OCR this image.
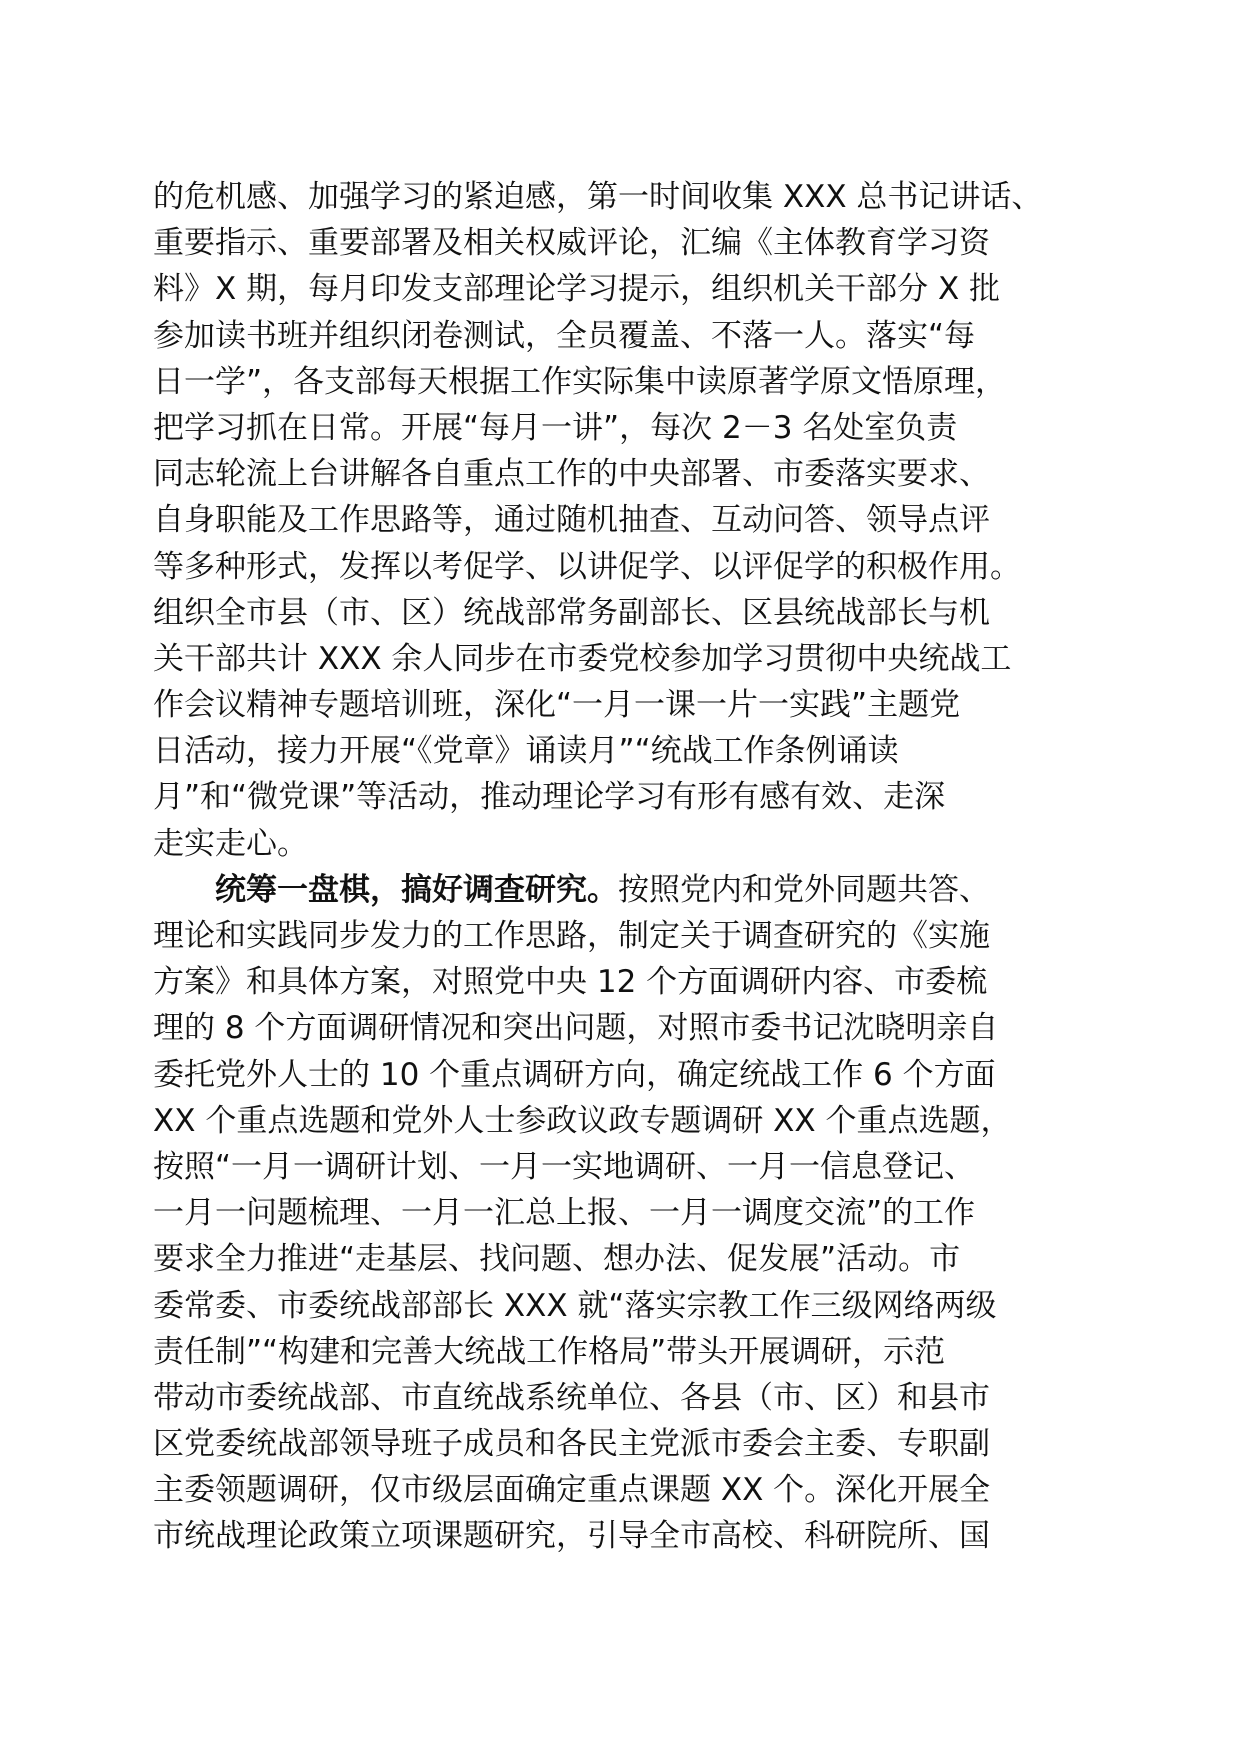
的危机感、加强学习的紧迫感，第一时间收集 XXX 总书记讲话、
重要指示、重要部署及相关权威评论，汇编《主体教育学习资
料》X 期，每月印发支部理论学习提示，组织机关干部分 X 批
参加读书班并组织闭卷测试，全员覆盖、不落一人。落实“每
日一学”，各支部每天根据工作实际集中读原著学原文悟原理，
把学习抓在日常。开展“每月一讲”，每次 2－3 名处室负责
同志轮流上台讲解各自重点工作的中央部署、市委落实要求、
自身职能及工作思路等，通过随机抽查、互动问答、领导点评
等多种形式，发挥以考促学、以讲促学、以评促学的积极作用。
组织全市县（市、区）统战部常务副部长、区县统战部长与机
关干部共计 XXX 余人同步在市委党校参加学习贯彻中央统战工
作会议精神专题培训班，深化“一月一课一片一实践”主题党
日活动，接力开展“《党章》诵读月”“统战工作条例诵读
月”和“微党课”等活动，推动理论学习有形有感有效、走深
走实走心。
统筹一盘棋，搞好调查研究。按照党内和党外同题共答、
理论和实践同步发力的工作思路，制定关于调查研究的《实施
方案》和具体方案，对照党中央 12 个方面调研内容、市委梳
理的 8 个方面调研情况和突出问题，对照市委书记沈晓明亲自
委托党外人士的 10 个重点调研方向，确定统战工作 6 个方面
XX 个重点选题和党外人士参政议政专题调研 XX 个重点选题，
按照“一月一调研计划、一月一实地调研、一月一信息登记、
一月一问题梳理、一月一汇总上报、一月一调度交流”的工作
要求全力推进“走基层、找问题、想办法、促发展”活动。市
委常委、市委统战部部长 XXX 就“落实宗教工作三级网络两级
责任制”“构建和完善大统战工作格局”带头开展调研，示范
带动市委统战部、市直统战系统单位、各县（市、区）和县市
区党委统战部领导班子成员和各民主党派市委会主委、专职副
主委领题调研，仅市级层面确定重点课题 XX 个。深化开展全
市统战理论政策立项课题研究，引导全市高校、科研院所、国
